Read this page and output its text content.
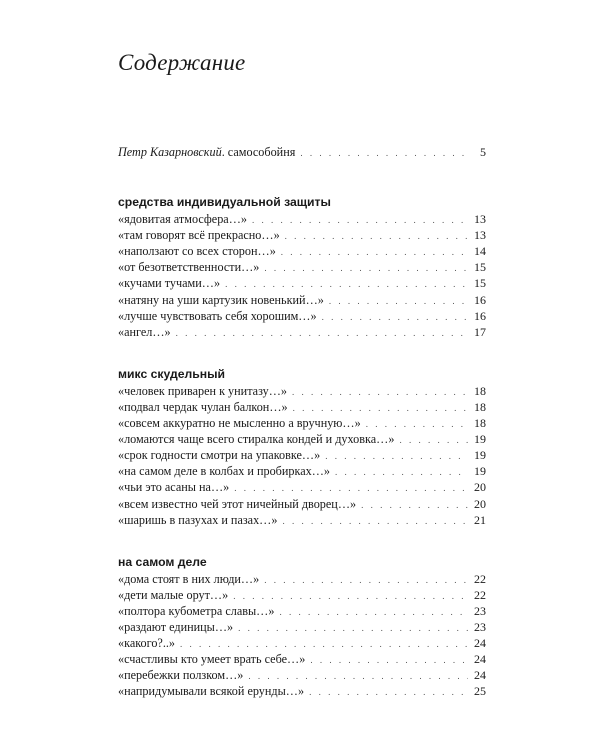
Содержание
Петр Казарновский. самособойня . . .	5
средства индивидуальной защиты
«ядовитая атмосфера…» . . .	13
«там говорят всё прекрасно…» . . .	13
«наползают со всех сторон…» . . .	14
«от безответственности…» . . .	15
«кучами тучами…» . . .	15
«натяну на уши картузик новенький…» . . .	16
«лучше чувствовать себя хорошим…» . . .	16
«ангел…» . . .	17
микс скудельный
«человек приварен к унитазу…» . . .	18
«подвал чердак чулан балкон…» . . .	18
«совсем аккуратно не мысленно а вручную…» . . .	18
«ломаются чаще всего стиралка кондей и духовка…» . . .	19
«срок годности смотри на упаковке…» . . .	19
«на самом деле в колбах и пробирках…» . . .	19
«чьи это асаны на…» . . .	20
«всем известно чей этот ничейный дворец…» . . .	20
«шаришь в пазухах и пазах…» . . .	21
на самом деле
«дома стоят в них люди…» . . .	22
«дети малые орут…» . . .	22
«полтора кубометра славы…» . . .	23
«раздают единицы…» . . .	23
«какого?..» . . .	24
«счастливы кто умеет врать себе…» . . .	24
«перебежки ползком…» . . .	24
«напридумывали всякой ерунды…» . . .	25
